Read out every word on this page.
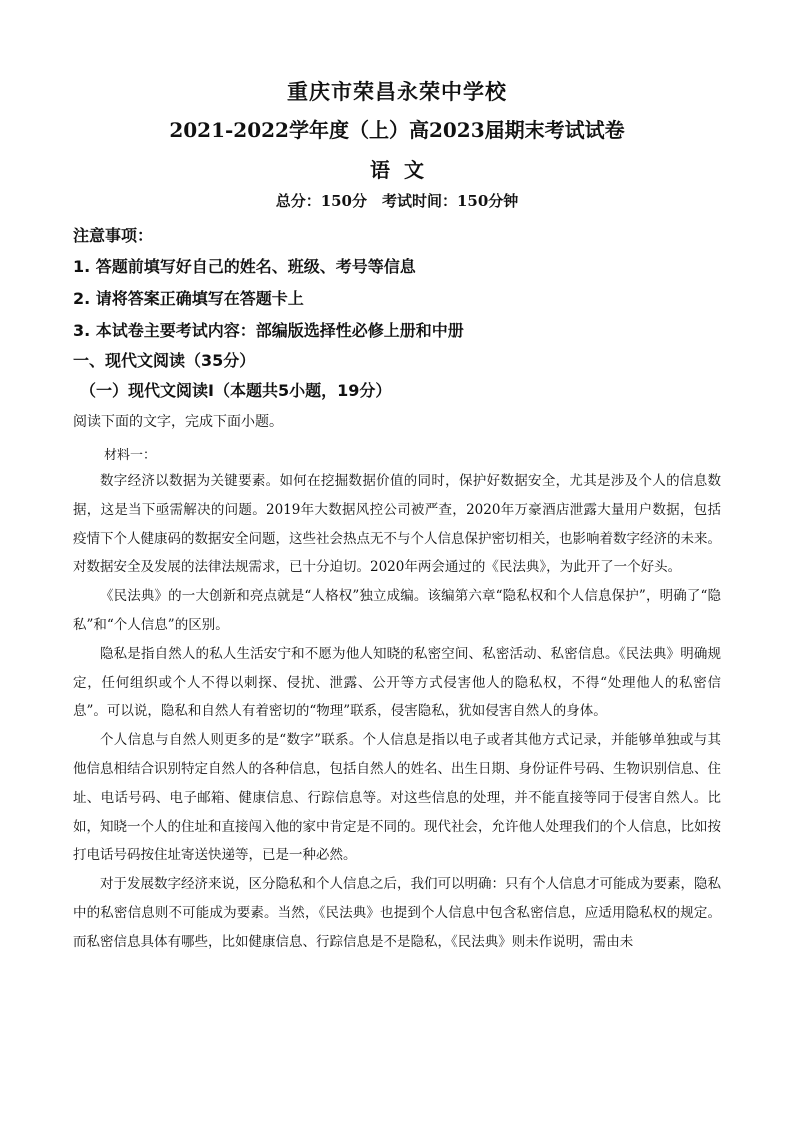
重庆市荣昌永荣中学校
2021-2022学年度（上）高2023届期末考试试卷
语文
总分：150分　考试时间：150分钟
注意事项：
1. 答题前填写好自己的姓名、班级、考号等信息
2. 请将答案正确填写在答题卡上
3. 本试卷主要考试内容：部编版选择性必修上册和中册
一、现代文阅读（35分）
（一）现代文阅读Ⅰ（本题共5小题，19分）
阅读下面的文字，完成下面小题。
材料一：

数字经济以数据为关键要素。如何在挖掘数据价值的同时，保护好数据安全，尤其是涉及个人的信息数据，这是当下亟需解决的问题。2019年大数据风控公司被严查，2020年万豪酒店泄露大量用户数据，包括疫情下个人健康码的数据安全问题，这些社会热点无不与个人信息保护密切相关，也影响着数字经济的未来。对数据安全及发展的法律法规需求，已十分迫切。2020年两会通过的《民法典》，为此开了一个好头。

《民法典》的一大创新和亮点就是“人格权”独立成编。该编第六章“隐私权和个人信息保护”，明确了“隐私”和“个人信息”的区别。

隐私是指自然人的私人生活安宁和不愿为他人知晓的私密空间、私密活动、私密信息。《民法典》明确规定，任何组织或个人不得以刺探、侵扰、泄露、公开等方式侵害他人的隐私权，不得“处理他人的私密信息”。可以说，隐私和自然人有着密切的“物理”联系，侵害隐私，犹如侵害自然人的身体。

个人信息与自然人则更多的是“数字”联系。个人信息是指以电子或者其他方式记录，并能够单独或与其他信息相结合识别特定自然人的各种信息，包括自然人的姓名、出生日期、身份证件号码、生物识别信息、住址、电话号码、电子邮箱、健康信息、行踪信息等。对这些信息的处理，并不能直接等同于侵害自然人。比如，知晓一个人的住址和直接闯入他的家中肯定是不同的。现代社会，允许他人处理我们的个人信息，比如按打电话号码按住址寄送快递等，已是一种必然。

对于发展数字经济来说，区分隐私和个人信息之后，我们可以明确：只有个人信息才可能成为要素，隐私中的私密信息则不可能成为要素。当然，《民法典》也提到个人信息中包含私密信息，应适用隐私权的规定。而私密信息具体有哪些，比如健康信息、行踪信息是不是隐私，《民法典》则未作说明，需由未
